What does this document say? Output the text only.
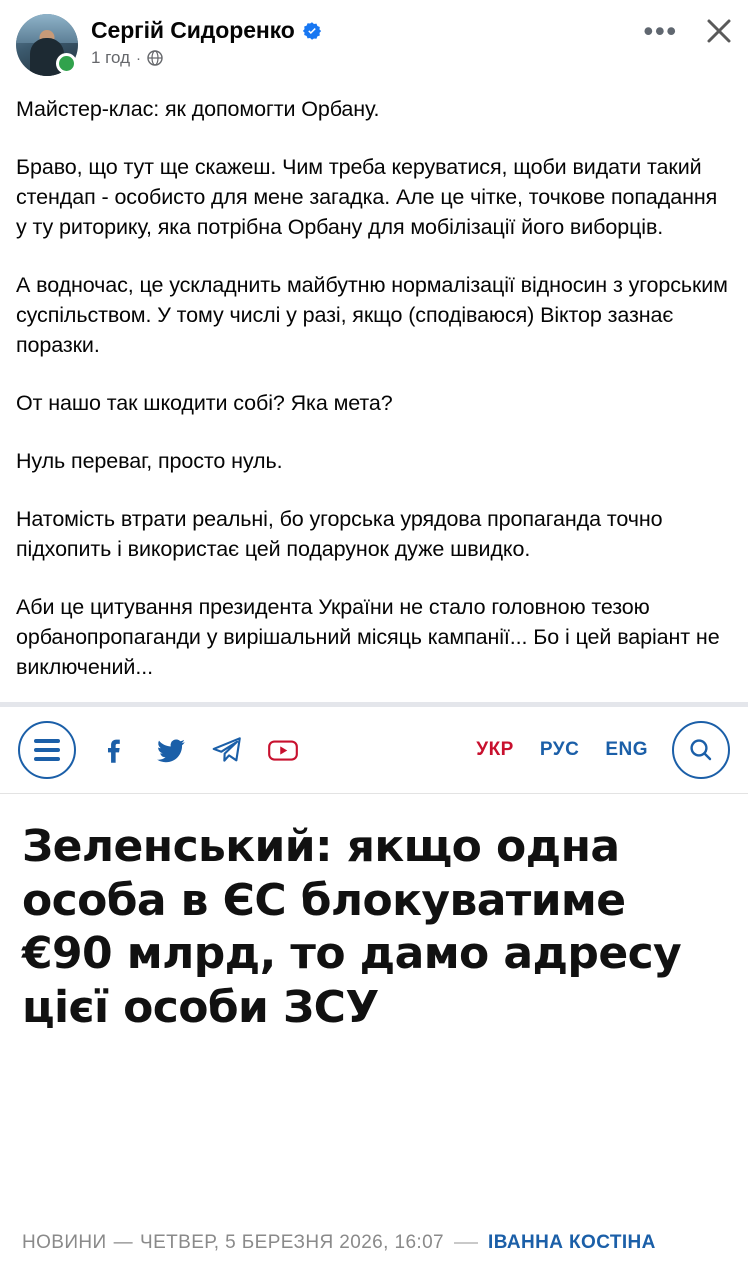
Сергій Сидоренко
1 год ·
•••

Майстер-клас: як допомогти Орбану.

Браво, що тут ще скажеш. Чим треба керуватися, щоби видати такий стендап - особисто для мене загадка. Але це чітке, точкове попадання у ту риторику, яка потрібна Орбану для мобілізації його виборців.

А водночас, це ускладнить майбутню нормалізації відносин з угорським суспільством. У тому числі у разі, якщо (сподіваюся) Віктор зазнає поразки.

От нашо так шкодити собі? Яка мета?

Нуль переваг, просто нуль.

Натомість втрати реальні, бо угорська урядова пропаганда точно підхопить і використає цей подарунок дуже швидко.

Аби це цитування президента України не стало головною тезою орбанопропаганди у вирішальний місяць кампанії... Бо і цей варіант не виключений...

УКР РУС ENG
Зеленський: якщо одна особа в ЄС блокуватиме €90 млрд, то дамо адресу цієї особи ЗСУ
НОВИНИ — ЧЕТВЕР, 5 БЕРЕЗНЯ 2026, 16:07 ІВАННА КОСТІНА
